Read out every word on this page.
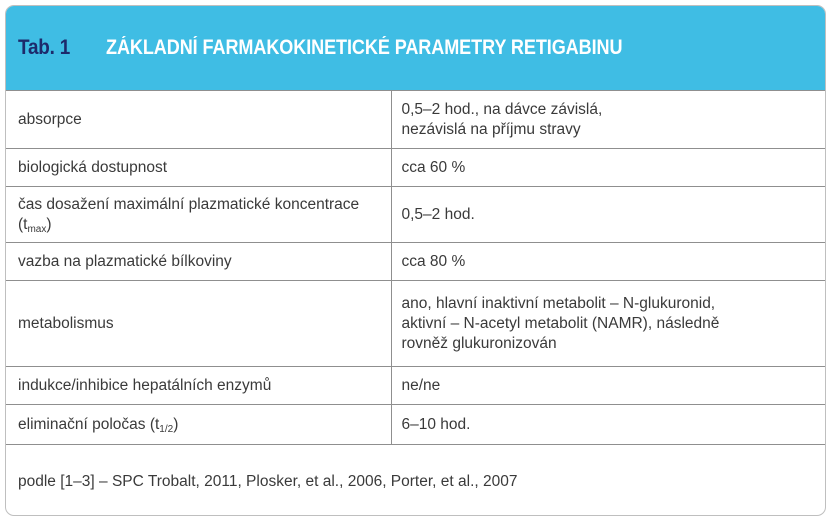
Tab. 1	ZÁKLADNÍ FARMAKOKINETICKÉ PARAMETRY RETIGABINU
absorpce	0,5–2 hod., na dávce závislá,
nezávislá na příjmu stravy

biologická dostupnost	cca 60 %

čas dosažení maximální plazmatické koncentrace
$(t_{max})$	0,5–2 hod.
vazba na plazmatické bílkoviny	cca 80 %
metabolismus	ano, hlavní inaktivní metabolit – N-glukuronid,
aktivní – N-acetyl metabolit (NAMR), následně
rovněž glukuronizován

indukce/inhibice hepatálních enzymů	ne/ne
eliminační poločas $(t_{1/2})$	6–10 hod.
podle [1–3] – SPC Trobalt, 2011, Plosker, et al., 2006, Porter, et al., 2007
